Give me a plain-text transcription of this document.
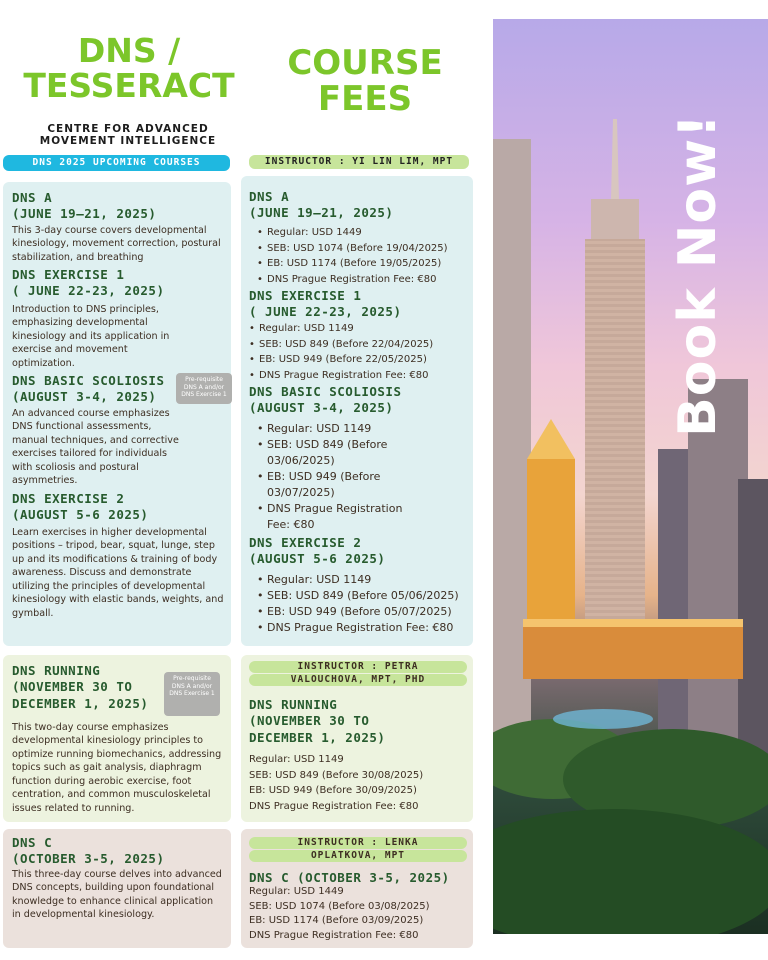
DNS /
TESSERACT
CENTRE FOR ADVANCED MOVEMENT INTELLIGENCE
COURSE
FEES
DNS 2025 UPCOMING COURSES	INSTRUCTOR : YI LIN LIM, MPT
INSTRUCTOR : PETRA
VALOUCHOVA, MPT, PHD
INSTRUCTOR : LENKA
OPLATKOVA, MPT
DNS A
(JUNE 19–21, 2025)
This 3-day course covers developmental kinesiology, movement correction, postural stabilization, and breathing
DNS EXERCISE 1
( JUNE 22-23, 2025)
Introduction to DNS principles, emphasizing developmental kinesiology and its application in exercise and movement optimization.
DNS BASIC SCOLIOSIS
(AUGUST 3-4, 2025)
Pre-requisite DNS A and/or DNS Exercise 1
An advanced course emphasizes DNS functional assessments, manual techniques, and corrective exercises tailored for individuals with scoliosis and postural asymmetries.
DNS EXERCISE 2
(AUGUST 5-6 2025)
Learn exercises in higher developmental positions – tripod, bear, squat, lunge, step up and its modifications & training of body awareness. Discuss and demonstrate utilizing the principles of developmental kinesiology with elastic bands, weights, and gymball.
DNS RUNNING
(NOVEMBER 30 TO
DECEMBER 1, 2025)
Pre-requisite DNS A and/or DNS Exercise 1
This two-day course emphasizes developmental kinesiology principles to optimize running biomechanics, addressing topics such as gait analysis, diaphragm function during aerobic exercise, foot centration, and common musculoskeletal issues related to running.
DNS C
(OCTOBER 3-5, 2025)
This three-day course delves into advanced DNS concepts, building upon foundational knowledge to enhance clinical application in developmental kinesiology.
DNS A
(JUNE 19–21, 2025)
• Regular: USD 1449
• SEB: USD 1074 (Before 19/04/2025)
• EB: USD 1174 (Before 19/05/2025)
• DNS Prague Registration Fee: €80
DNS EXERCISE 1
( JUNE 22-23, 2025)
• Regular: USD 1149
• SEB: USD 849 (Before 22/04/2025)
• EB: USD 949 (Before 22/05/2025)
• DNS Prague Registration Fee: €80
DNS BASIC SCOLIOSIS
(AUGUST 3-4, 2025)
• Regular: USD 1149
• SEB: USD 849 (Before
03/06/2025)
• EB: USD 949 (Before
03/07/2025)
• DNS Prague Registration
Fee: €80
DNS EXERCISE 2
(AUGUST 5-6 2025)
• Regular: USD 1149
• SEB: USD 849 (Before 05/06/2025)
• EB: USD 949 (Before 05/07/2025)
• DNS Prague Registration Fee: €80
DNS RUNNING
(NOVEMBER 30 TO
DECEMBER 1, 2025)
Regular: USD 1149
SEB: USD 849 (Before 30/08/2025)
EB: USD 949 (Before 30/09/2025)
DNS Prague Registration Fee: €80
DNS C (OCTOBER 3-5, 2025)
Regular: USD 1449
SEB: USD 1074 (Before 03/08/2025)
EB: USD 1174 (Before 03/09/2025)
DNS Prague Registration Fee: €80
Book Now!
